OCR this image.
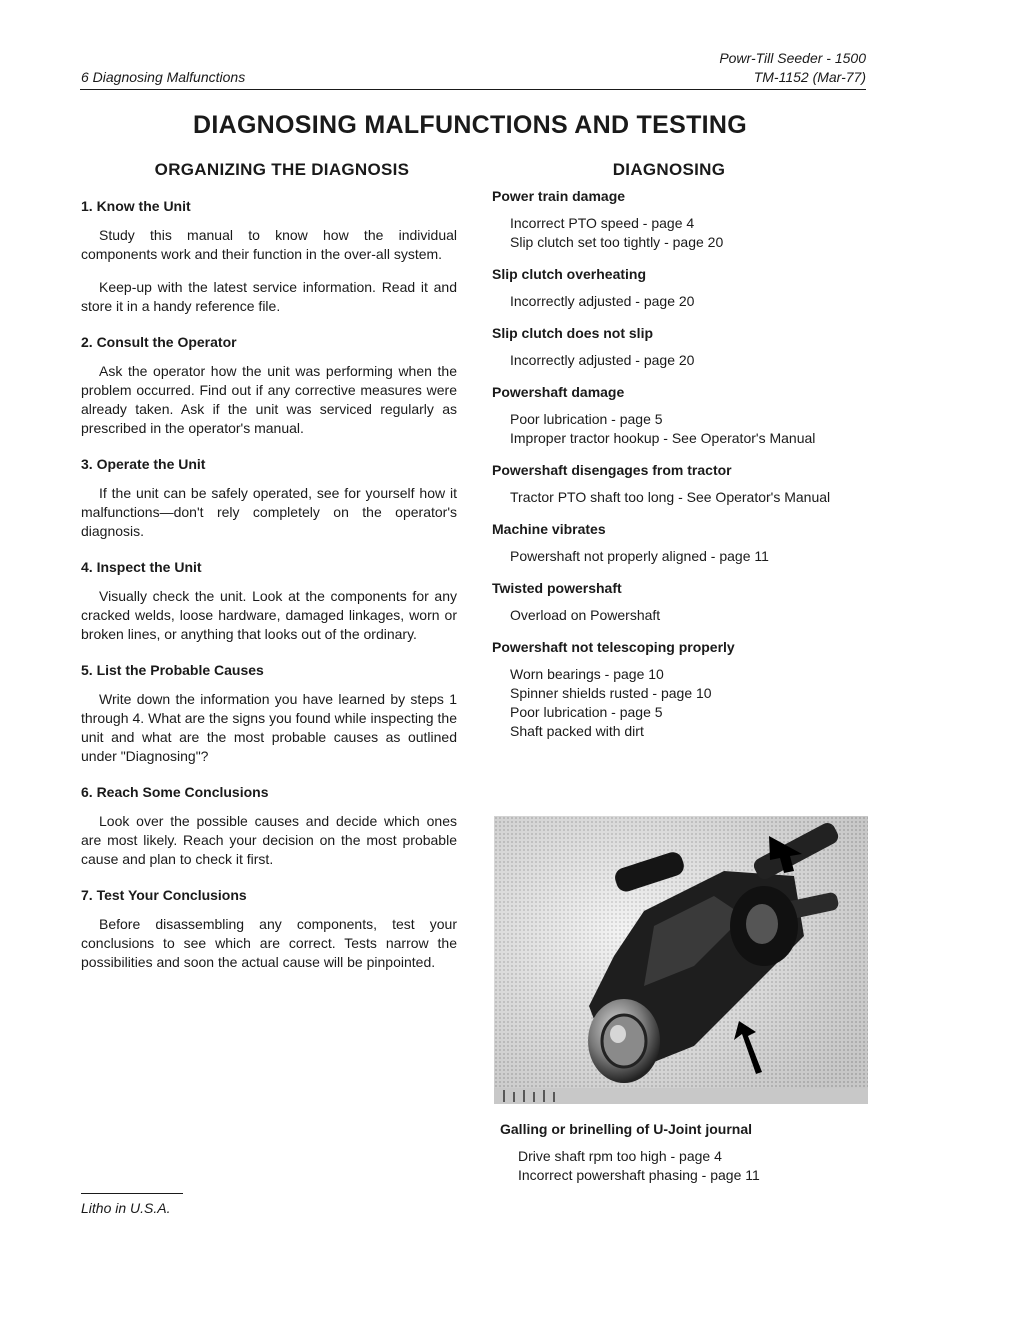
6 Diagnosing Malfunctions
Powr-Till Seeder - 1500
TM-1152 (Mar-77)
DIAGNOSING MALFUNCTIONS AND TESTING
ORGANIZING THE DIAGNOSIS
1. Know the Unit

Study this manual to know how the individual components work and their function in the over-all system.

Keep-up with the latest service information. Read it and store it in a handy reference file.

2. Consult the Operator

Ask the operator how the unit was performing when the problem occurred. Find out if any corrective measures were already taken. Ask if the unit was serviced regularly as prescribed in the operator's manual.

3. Operate the Unit

If the unit can be safely operated, see for yourself how it malfunctions—don't rely completely on the operator's diagnosis.

4. Inspect the Unit

Visually check the unit. Look at the components for any cracked welds, loose hardware, damaged linkages, worn or broken lines, or anything that looks out of the ordinary.

5. List the Probable Causes

Write down the information you have learned by steps 1 through 4. What are the signs you found while inspecting the unit and what are the most probable causes as outlined under "Diagnosing"?

6. Reach Some Conclusions

Look over the possible causes and decide which ones are most likely. Reach your decision on the most probable cause and plan to check it first.

7. Test Your Conclusions

Before disassembling any components, test your conclusions to see which are correct. Tests narrow the possibilities and soon the actual cause will be pinpointed.

DIAGNOSING
Power train damage
Incorrect PTO speed - page 4
Slip clutch set too tightly - page 20
Slip clutch overheating
Incorrectly adjusted - page 20
Slip clutch does not slip
Incorrectly adjusted - page 20
Powershaft damage
Poor lubrication - page 5
Improper tractor hookup - See Operator's Manual
Powershaft disengages from tractor
Tractor PTO shaft too long - See Operator's Manual
Machine vibrates
Powershaft not properly aligned - page 11
Twisted powershaft
Overload on Powershaft
Powershaft not telescoping properly
Worn bearings - page 10
Spinner shields rusted - page 10
Poor lubrication - page 5
Shaft packed with dirt
Galling or brinelling of U-Joint journal
Drive shaft rpm too high - page 4
Incorrect powershaft phasing - page 11
Litho in U.S.A.
